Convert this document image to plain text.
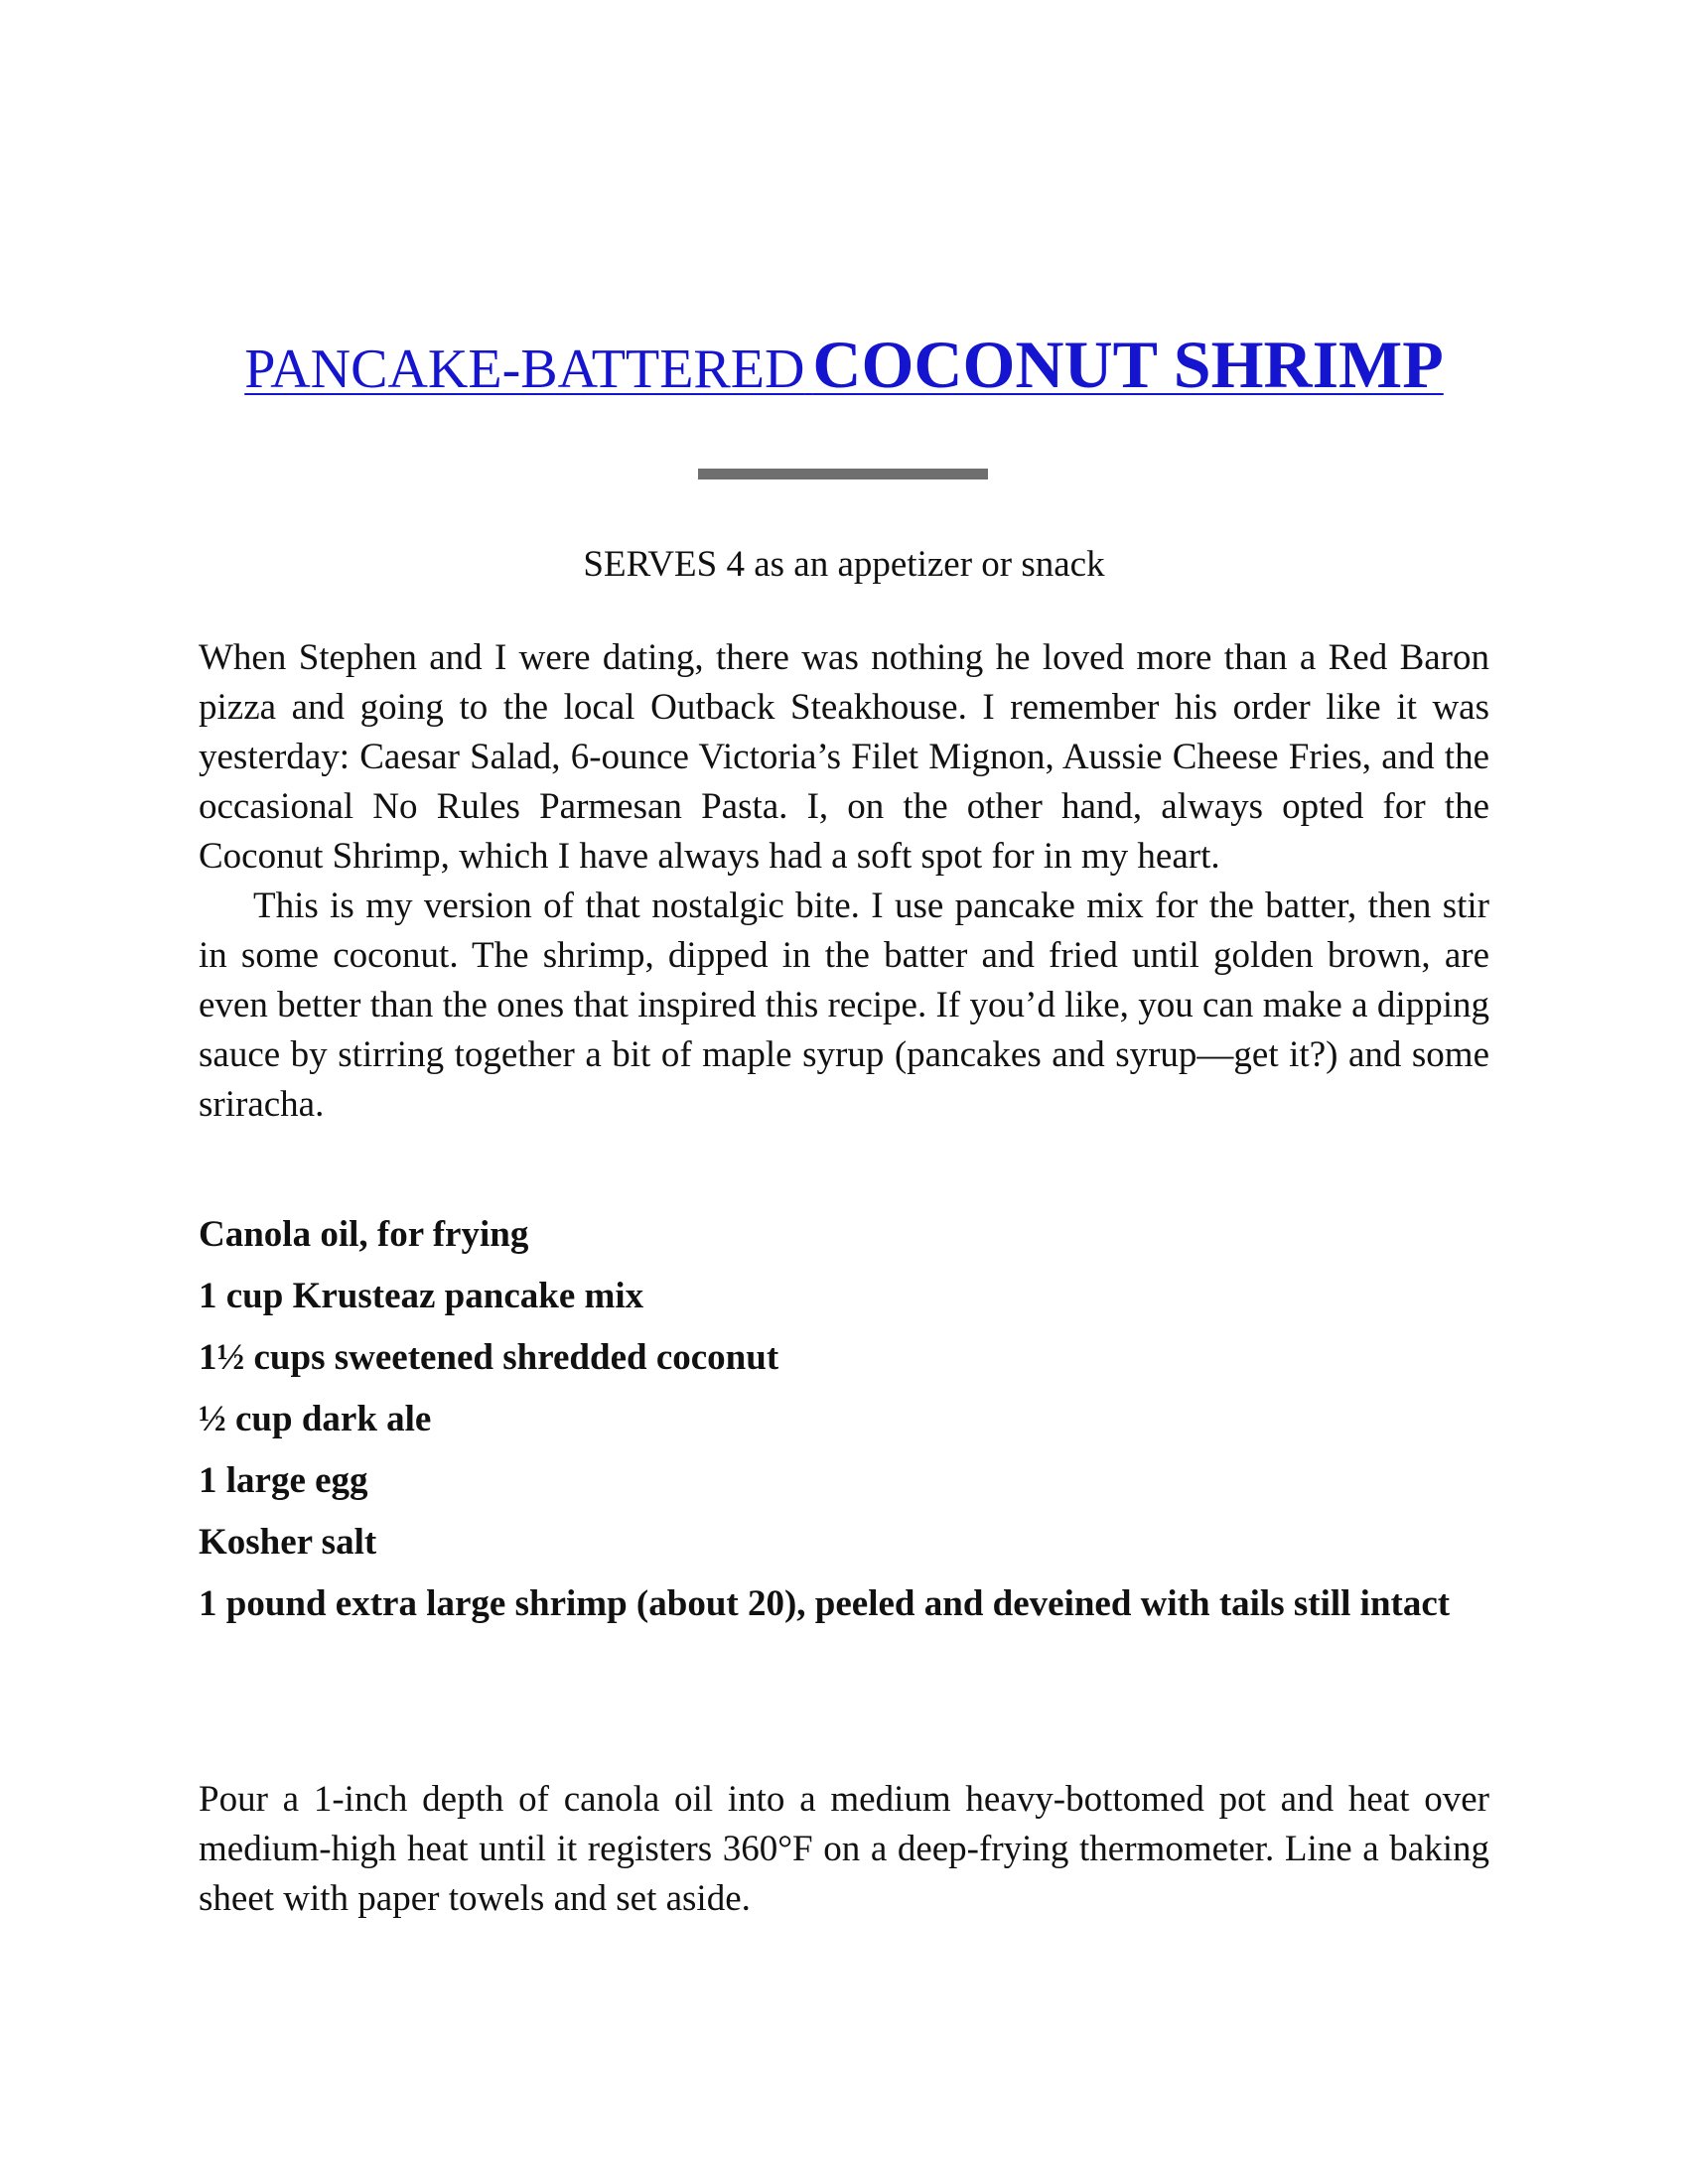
PANCAKE-BATTERED COCONUT SHRIMP

SERVES 4 as an appetizer or snack

When Stephen and I were dating, there was nothing he loved more than a Red Baron pizza and going to the local Outback Steakhouse. I remember his order like it was yesterday: Caesar Salad, 6-ounce Victoria’s Filet Mignon, Aussie Cheese Fries, and the occasional No Rules Parmesan Pasta. I, on the other hand, always opted for the Coconut Shrimp, which I have always had a soft spot for in my heart.

This is my version of that nostalgic bite. I use pancake mix for the batter, then stir in some coconut. The shrimp, dipped in the batter and fried until golden brown, are even better than the ones that inspired this recipe. If you’d like, you can make a dipping sauce by stirring together a bit of maple syrup (pancakes and syrup—get it?) and some sriracha.

Canola oil, for frying
1 cup Krusteaz pancake mix
1½ cups sweetened shredded coconut
½ cup dark ale
1 large egg
Kosher salt
1 pound extra large shrimp (about 20), peeled and deveined with tails still intact

Pour a 1-inch depth of canola oil into a medium heavy-bottomed pot and heat over medium-high heat until it registers 360°F on a deep-frying thermometer. Line a baking sheet with paper towels and set aside.
